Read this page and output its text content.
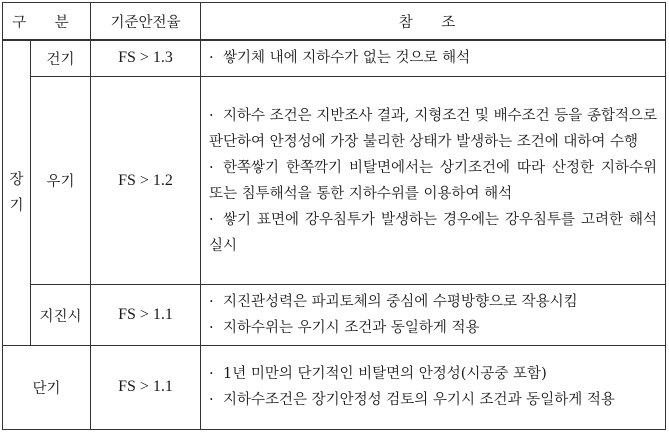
구 분		기준안전율	참 조

장
기	건기	FS > 1.3	· 쌓기체 내에 지하수가 없는 것으로 해석

	우기	FS > 1.2	· 지하수 조건은 지반조사 결과, 지형조건 및 배수조건 등을 종합적으로 판단하여 안정성에 가장 불리한 상태가 발생하는 조건에 대하여 수행
· 한쪽쌓기 한쪽깍기 비탈면에서는 상기조건에 따라 산정한 지하수위 또는 침투해석을 통한 지하수위를 이용하여 해석
· 쌓기 표면에 강우침투가 발생하는 경우에는 강우침투를 고려한 해석 실시

	지진시	FS > 1.1	· 지진관성력은 파괴토체의 중심에 수평방향으로 작용시킴
· 지하수위는 우기시 조건과 동일하게 적용

단기		FS > 1.1	· 1년 미만의 단기적인 비탈면의 안정성(시공중 포함)
· 지하수조건은 장기안정성 검토의 우기시 조건과 동일하게 적용
